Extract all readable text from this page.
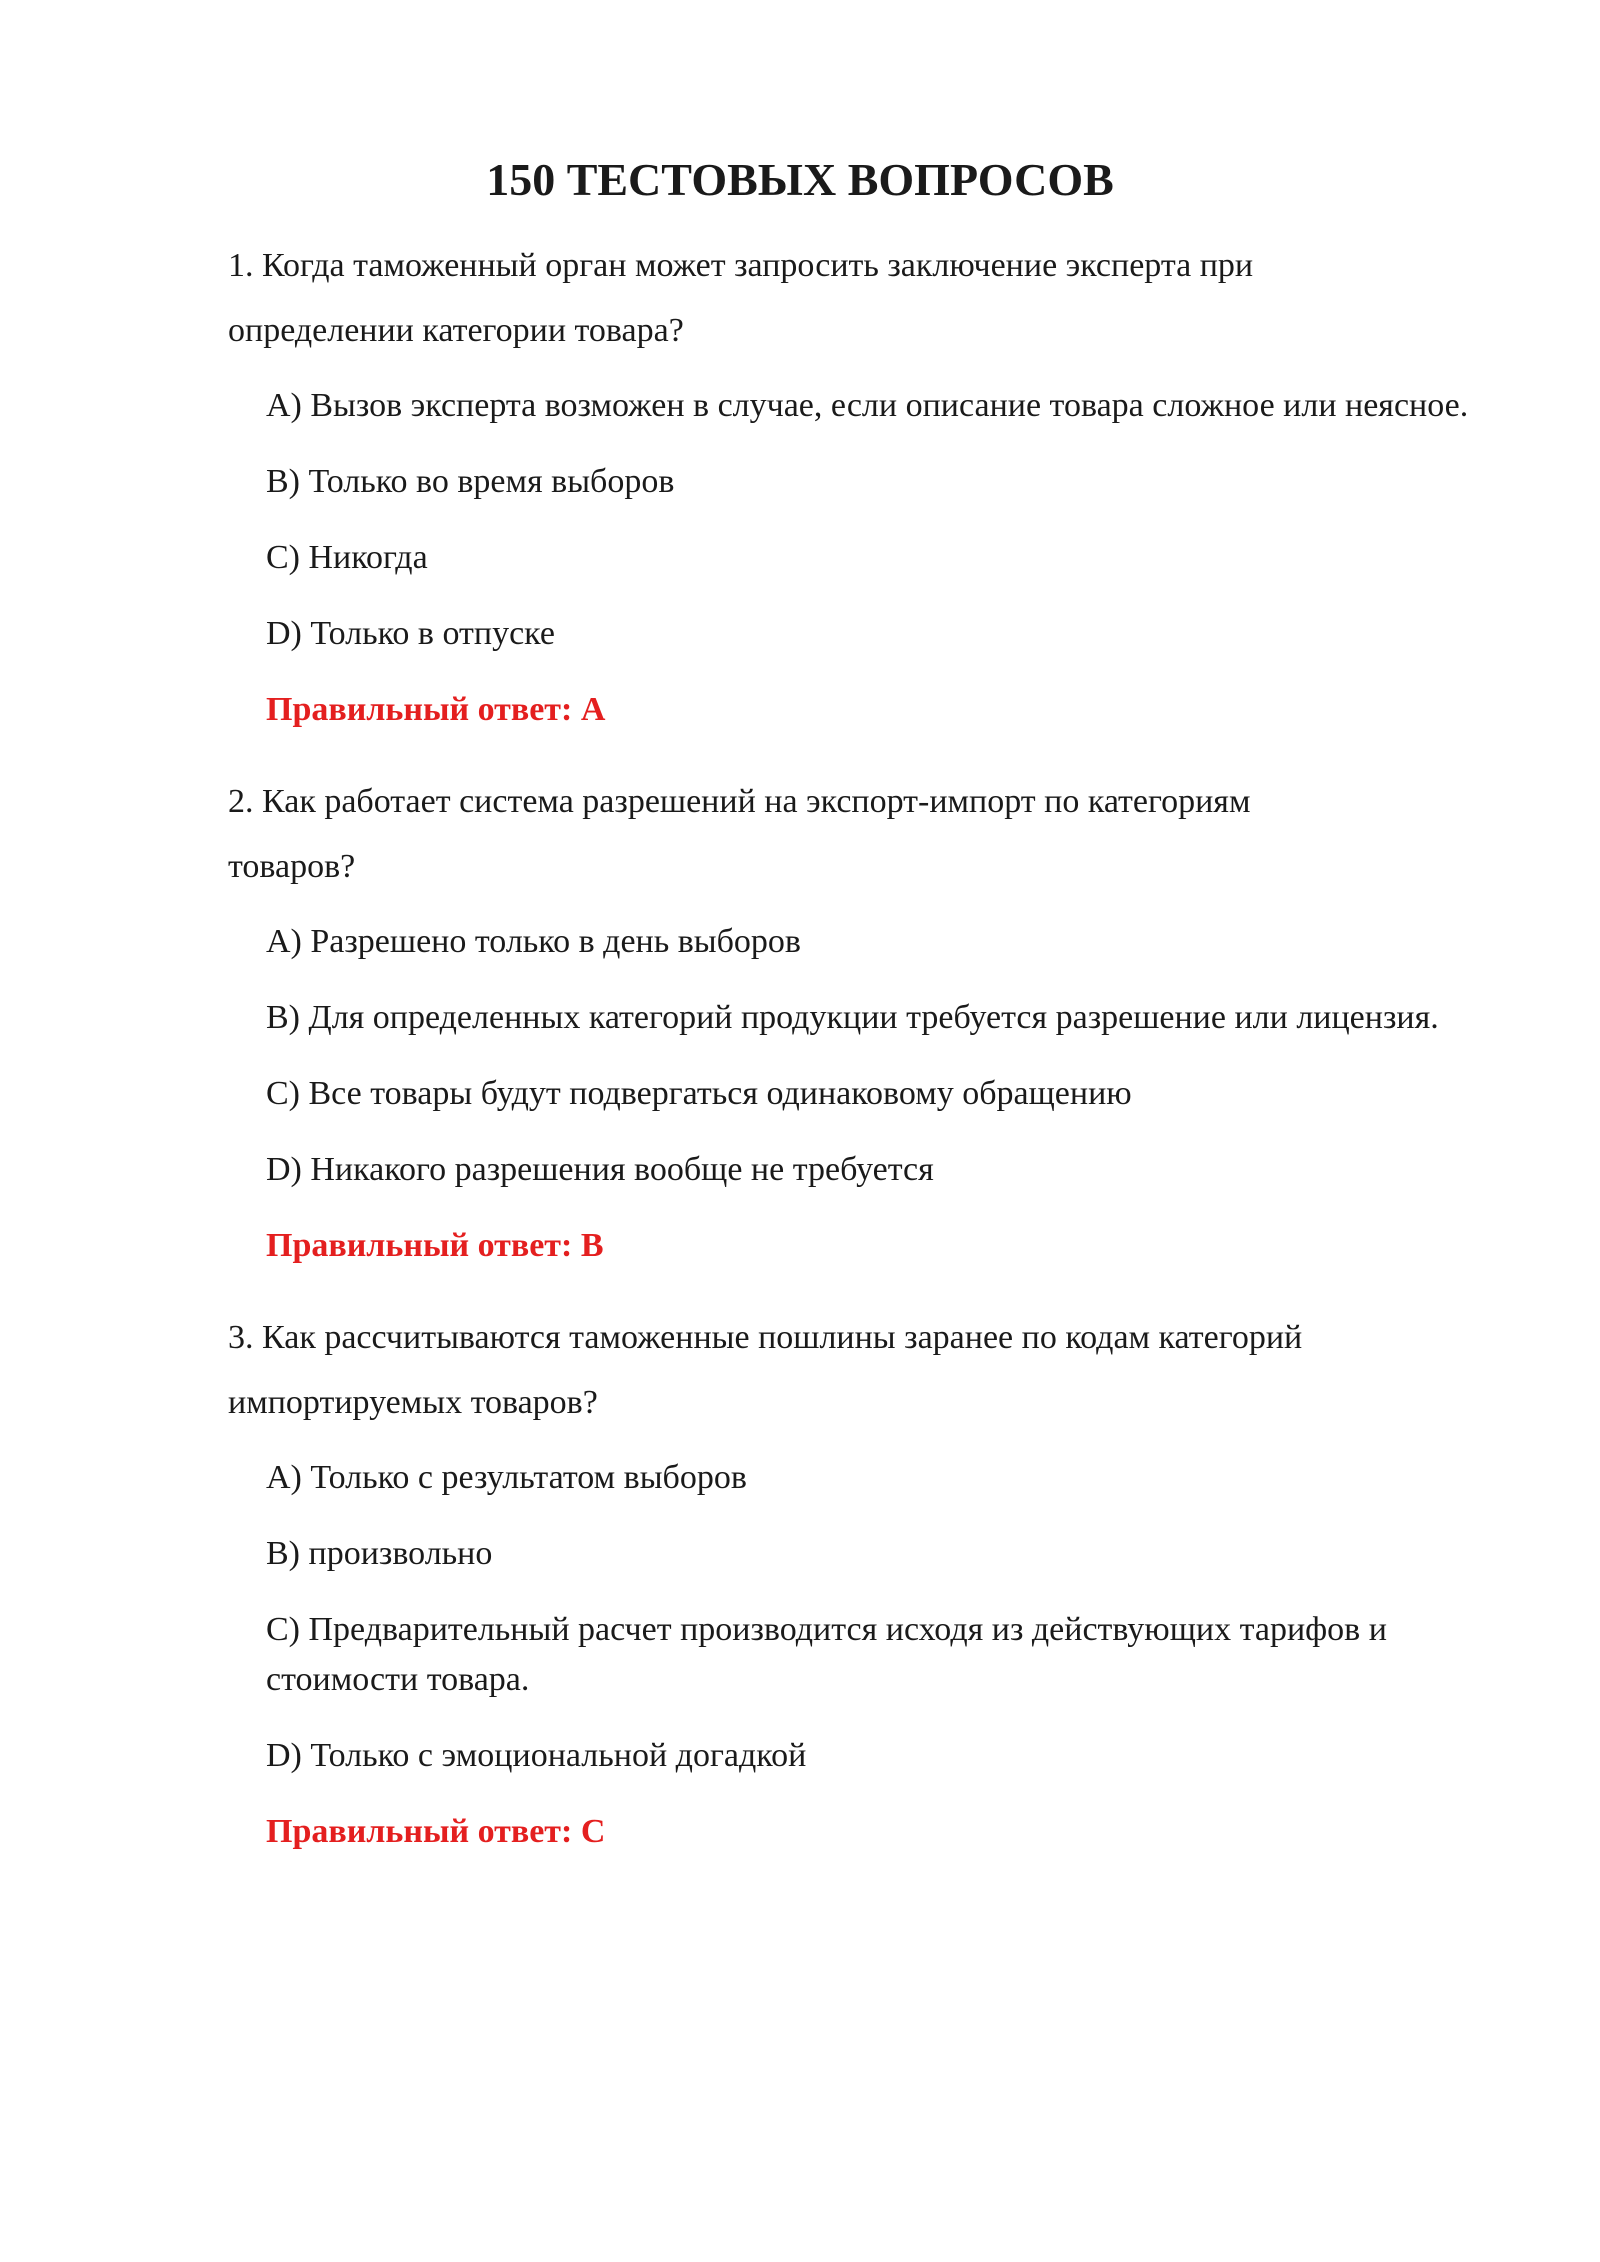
150 ТЕСТОВЫХ ВОПРОСОВ

1. Когда таможенный орган может запросить заключение эксперта при определении категории товара?

A) Вызов эксперта возможен в случае, если описание товара сложное или неясное.

B) Только во время выборов

C) Никогда

D) Только в отпуске

Правильный ответ: A

2. Как работает система разрешений на экспорт-импорт по категориям товаров?

A) Разрешено только в день выборов

B) Для определенных категорий продукции требуется разрешение или лицензия.

C) Все товары будут подвергаться одинаковому обращению

D) Никакого разрешения вообще не требуется

Правильный ответ: B

3. Как рассчитываются таможенные пошлины заранее по кодам категорий импортируемых товаров?

A) Только с результатом выборов

B) произвольно

C) Предварительный расчет производится исходя из действующих тарифов и стоимости товара.

D) Только с эмоциональной догадкой

Правильный ответ: C
